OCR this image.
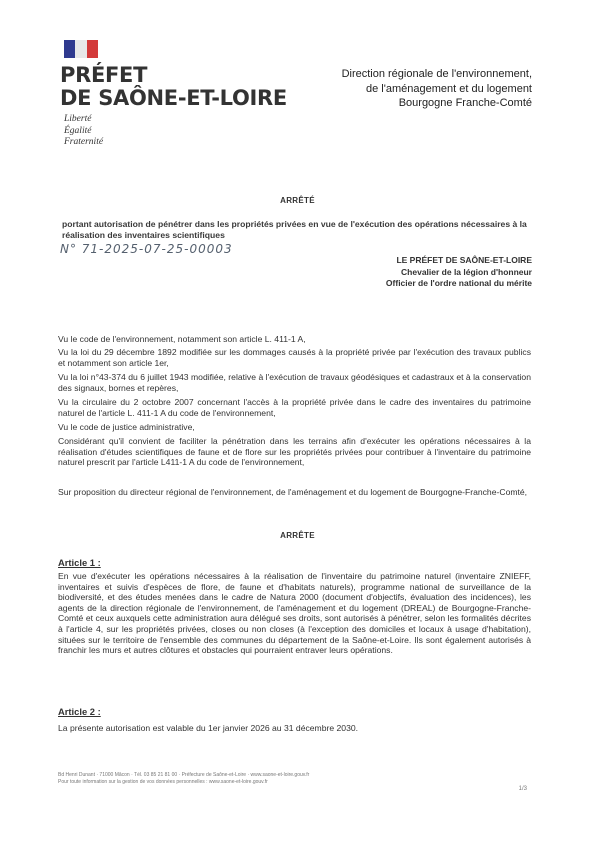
PRÉFET
DE SAÔNE-ET-LOIRE
Liberté
Égalité
Fraternité
Direction régionale de l'environnement,
de l'aménagement et du logement
Bourgogne Franche-Comté
ARRÊTÉ
portant autorisation de pénétrer dans les propriétés privées en vue de l'exécution des opérations nécessaires à la réalisation des inventaires scientifiques
N° 71-2025-07-25-00003
LE PRÉFET DE SAÔNE-ET-LOIRE
Chevalier de la légion d'honneur
Officier de l'ordre national du mérite
Vu le code de l'environnement, notamment son article L. 411-1 A,
Vu la loi du 29 décembre 1892 modifiée sur les dommages causés à la propriété privée par l'exécution des travaux publics et notamment son article 1er,
Vu la loi n°43-374 du 6 juillet 1943 modifiée, relative à l'exécution de travaux géodésiques et cadastraux et à la conservation des signaux, bornes et repères,
Vu la circulaire du 2 octobre 2007 concernant l'accès à la propriété privée dans le cadre des inventaires du patrimoine naturel de l'article L. 411-1 A du code de l'environnement,
Vu le code de justice administrative,
Considérant qu'il convient de faciliter la pénétration dans les terrains afin d'exécuter les opérations nécessaires à la réalisation d'études scientifiques de faune et de flore sur les propriétés privées pour contribuer à l'inventaire du patrimoine naturel prescrit par l'article L411-1 A du code de l'environnement,
Sur proposition du directeur régional de l'environnement, de l'aménagement et du logement de Bourgogne-Franche-Comté,
ARRÊTE
Article 1 :
En vue d'exécuter les opérations nécessaires à la réalisation de l'inventaire du patrimoine naturel (inventaire ZNIEFF, inventaires et suivis d'espèces de flore, de faune et d'habitats naturels), programme national de surveillance de la biodiversité, et des études menées dans le cadre de Natura 2000 (document d'objectifs, évaluation des incidences), les agents de la direction régionale de l'environnement, de l'aménagement et du logement (DREAL) de Bourgogne-Franche-Comté et ceux auxquels cette administration aura délégué ses droits, sont autorisés à pénétrer, selon les formalités décrites à l'article 4, sur les propriétés privées, closes ou non closes (à l'exception des domiciles et locaux à usage d'habitation), situées sur le territoire de l'ensemble des communes du département de la Saône-et-Loire. Ils sont également autorisés à franchir les murs et autres clôtures et obstacles qui pourraient entraver leurs opérations.
Article 2 :
La présente autorisation est valable du 1er janvier 2026 au 31 décembre 2030.
Bd Henri Dunant · 71000 Mâcon · Tél. 03 85 21 81 00 · Préfecture de Saône-et-Loire · www.saone-et-loire.gouv.fr
Pour toute information sur la gestion de vos données personnelles : www.saone-et-loire.gouv.fr
1/3
